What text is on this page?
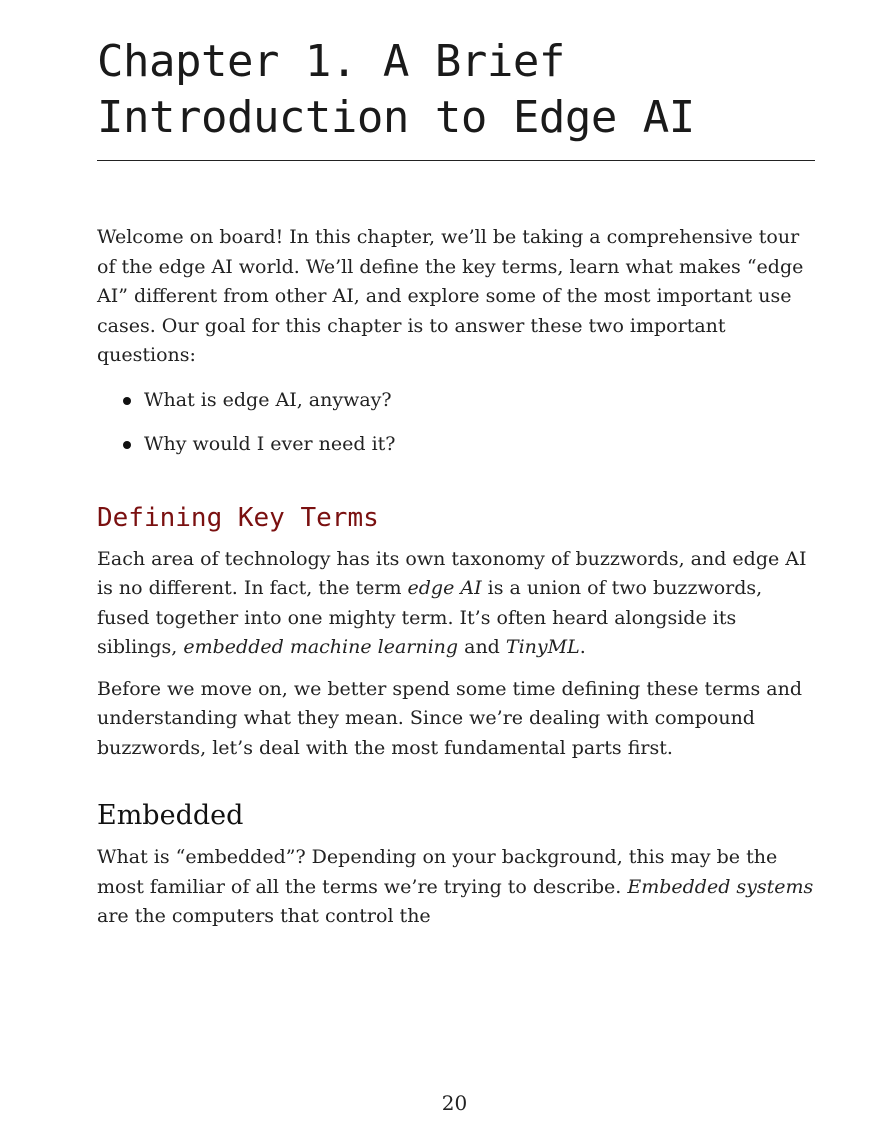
Chapter 1. A Brief
Introduction to Edge AI

Welcome on board! In this chapter, we’ll be taking a comprehensive tour of the edge AI world. We’ll define the key terms, learn what makes “edge AI” different from other AI, and explore some of the most important use cases. Our goal for this chapter is to answer these two important questions:

What is edge AI, anyway?
Why would I ever need it?
Defining Key Terms

Each area of technology has its own taxonomy of buzzwords, and edge AI is no different. In fact, the term edge AI is a union of two buzzwords, fused together into one mighty term. It’s often heard alongside its siblings, embedded machine learning and TinyML.

Before we move on, we better spend some time defining these terms and understanding what they mean. Since we’re dealing with compound buzzwords, let’s deal with the most fundamental parts first.

Embedded

What is “embedded”? Depending on your background, this may be the most familiar of all the terms we’re trying to describe. Embedded systems are the computers that control the

20
